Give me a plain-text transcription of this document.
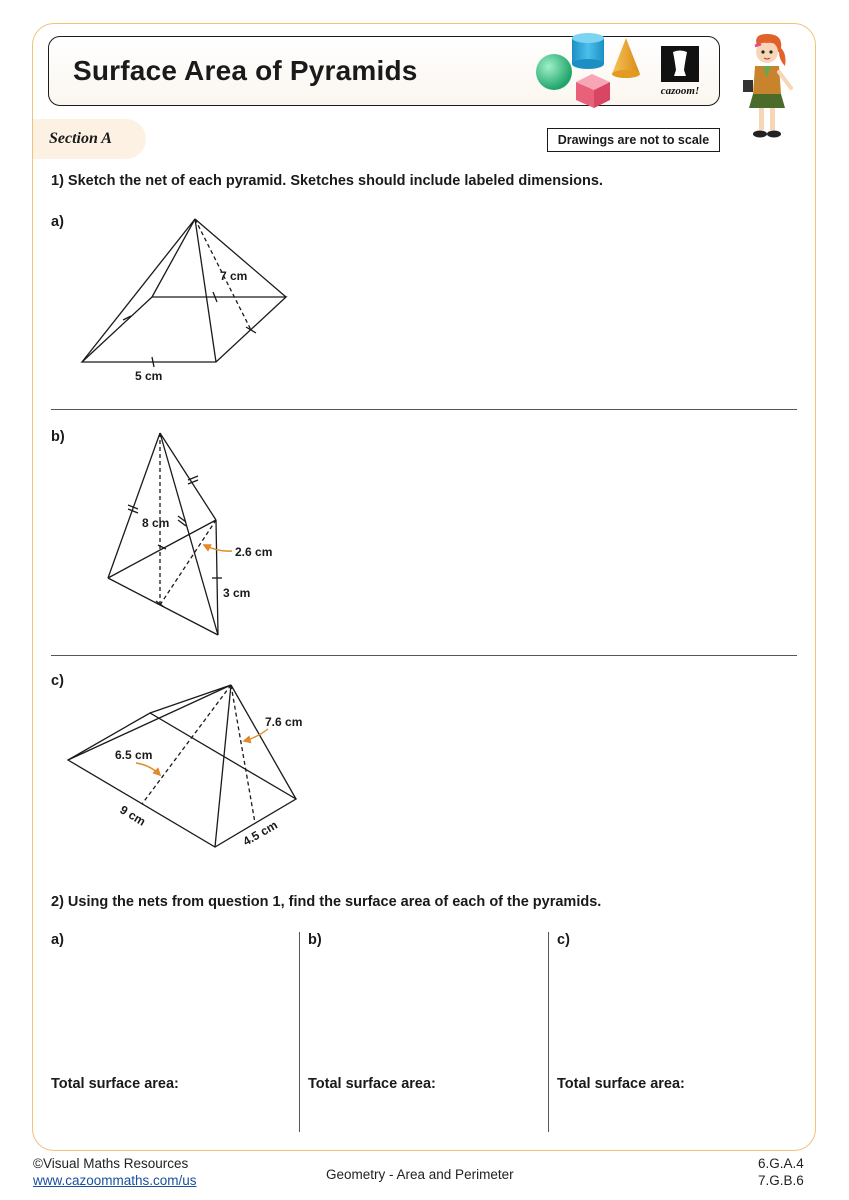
Surface Area of Pyramids
cazoom!
Section A	Drawings are not to scale
1) Sketch the net of each pyramid. Sketches should include labeled dimensions.
a)
b)
c)
7 cm
5 cm
8 cm
2.6 cm
3 cm
7.6 cm
6.5 cm
9 cm
4.5 cm
2) Using the nets from question 1, find the surface area of each of the pyramids.
a)	b)	c)
Total surface area:	Total surface area:	Total surface area:
©Visual Maths Resources
www.cazoommaths.com/us	Geometry - Area and Perimeter
6.G.A.4
7.G.B.6
